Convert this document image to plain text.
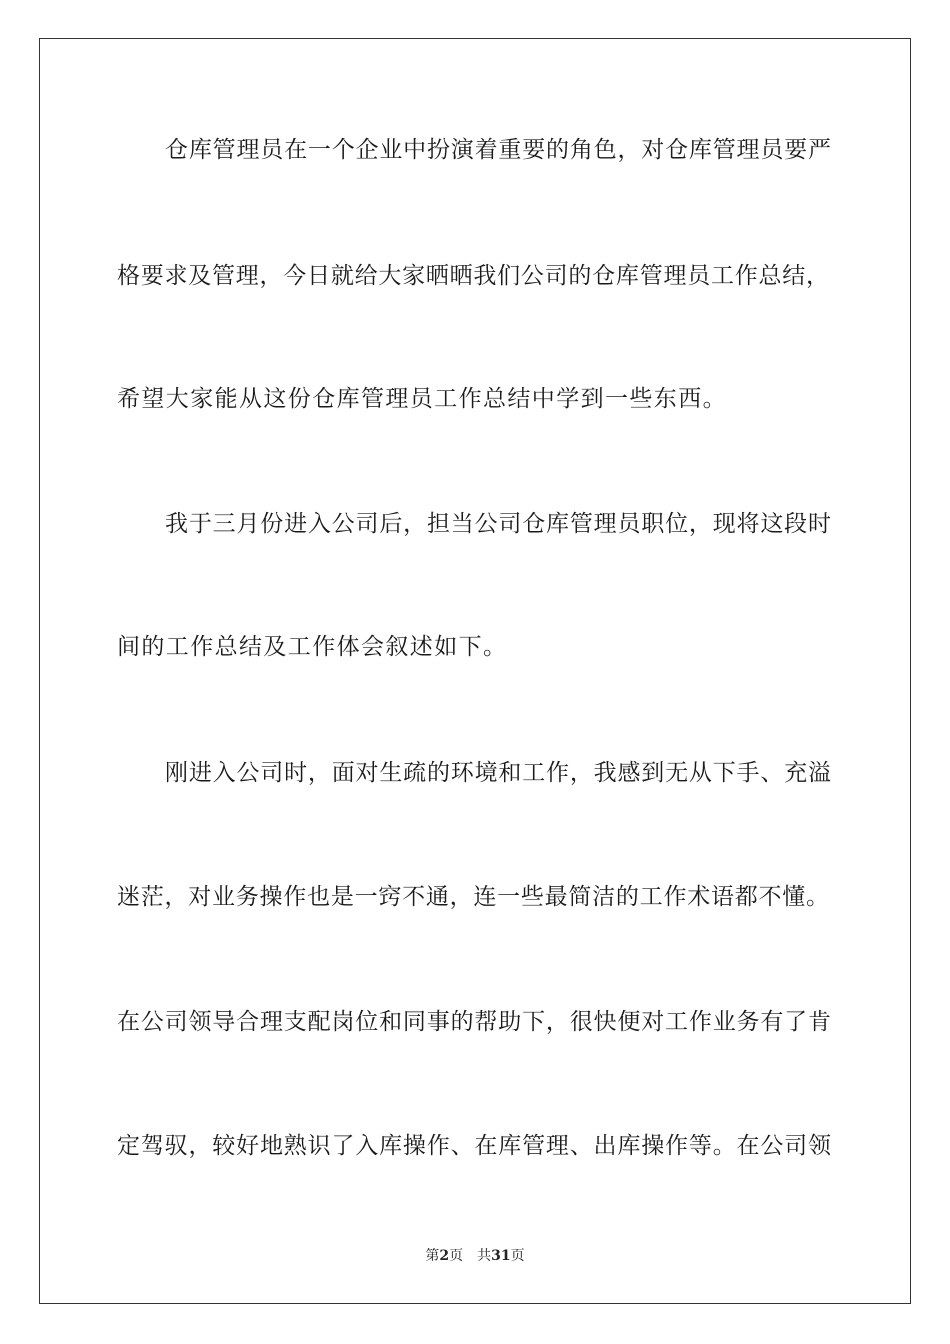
仓库管理员在一个企业中扮演着重要的角色，对仓库管理员要严
格要求及管理，今日就给大家晒晒我们公司的仓库管理员工作总结，
希望大家能从这份仓库管理员工作总结中学到一些东西。
我于三月份进入公司后，担当公司仓库管理员职位，现将这段时
间的工作总结及工作体会叙述如下。
刚进入公司时，面对生疏的环境和工作，我感到无从下手、充溢
迷茫，对业务操作也是一窍不通，连一些最简洁的工作术语都不懂。
在公司领导合理支配岗位和同事的帮助下，很快便对工作业务有了肯
定驾驭，较好地熟识了入库操作、在库管理、出库操作等。在公司领
第2页 共31页
